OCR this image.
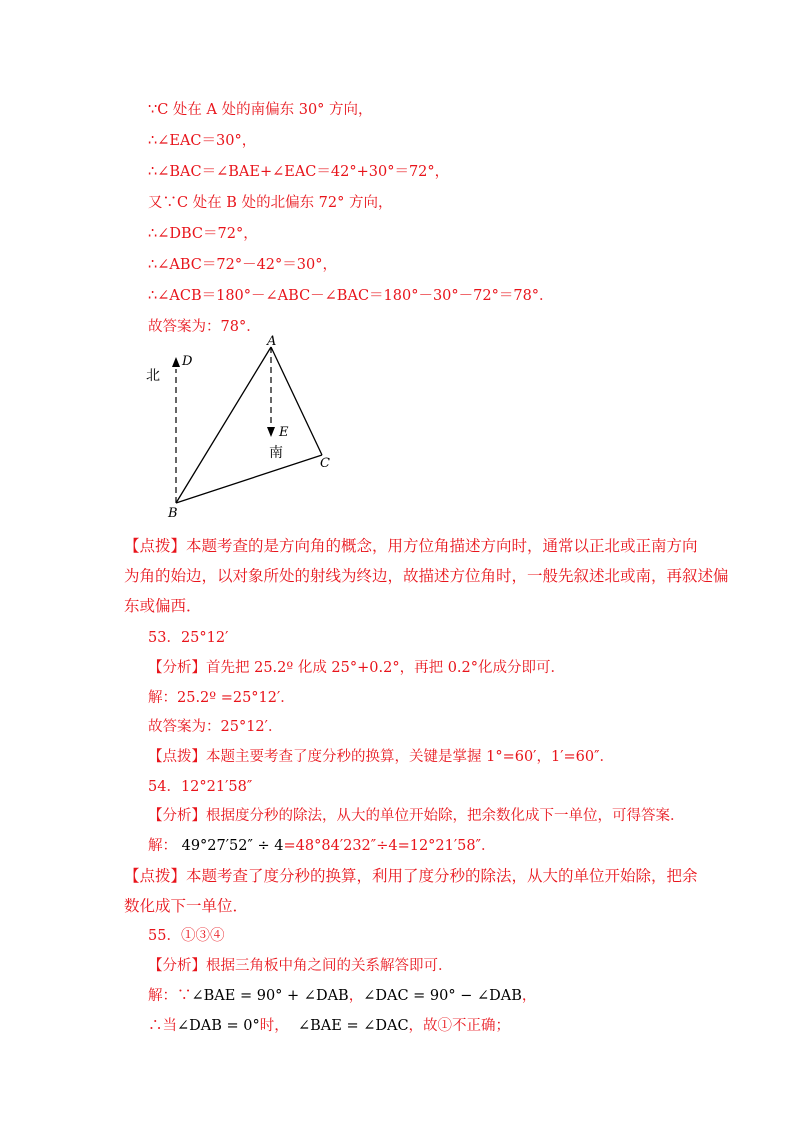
∵C 处在 A 处的南偏东 30° 方向，
∴∠EAC＝30°，
∴∠BAC＝∠BAE+∠EAC＝42°+30°＝72°，
又∵C 处在 B 处的北偏东 72° 方向，
∴∠DBC＝72°，
∴∠ABC＝72°－42°＝30°，
∴∠ACB＝180°－∠ABC－∠BAC＝180°－30°－72°＝78°．
故答案为：78°．
北
D
A
E
南
C
B
【点拨】本题考查的是方向角的概念，用方位角描述方向时，通常以正北或正南方向
为角的始边，以对象所处的射线为终边，故描述方位角时，一般先叙述北或南，再叙述偏
东或偏西．
53．25°12′
【分析】首先把 25.2º 化成 25°+0.2°，再把 0.2°化成分即可．
解：25.2º =25°12′．
故答案为：25°12′．
【点拨】本题主要考查了度分秒的换算，关键是掌握 1°=60′，1′=60″．
54．12°21′58″
【分析】根据度分秒的除法，从大的单位开始除，把余数化成下一单位，可得答案．
解： 49°27′52″ ÷ 4=48°84′232″÷4=12°21′58″．
【点拨】本题考查了度分秒的换算，利用了度分秒的除法，从大的单位开始除，把余
数化成下一单位．
55．①③④
【分析】根据三角板中角之间的关系解答即可．
解：∵∠BAE = 90° + ∠DAB，∠DAC = 90° − ∠DAB，
∴当∠DAB = 0°时， ∠BAE = ∠DAC，故①不正确；
